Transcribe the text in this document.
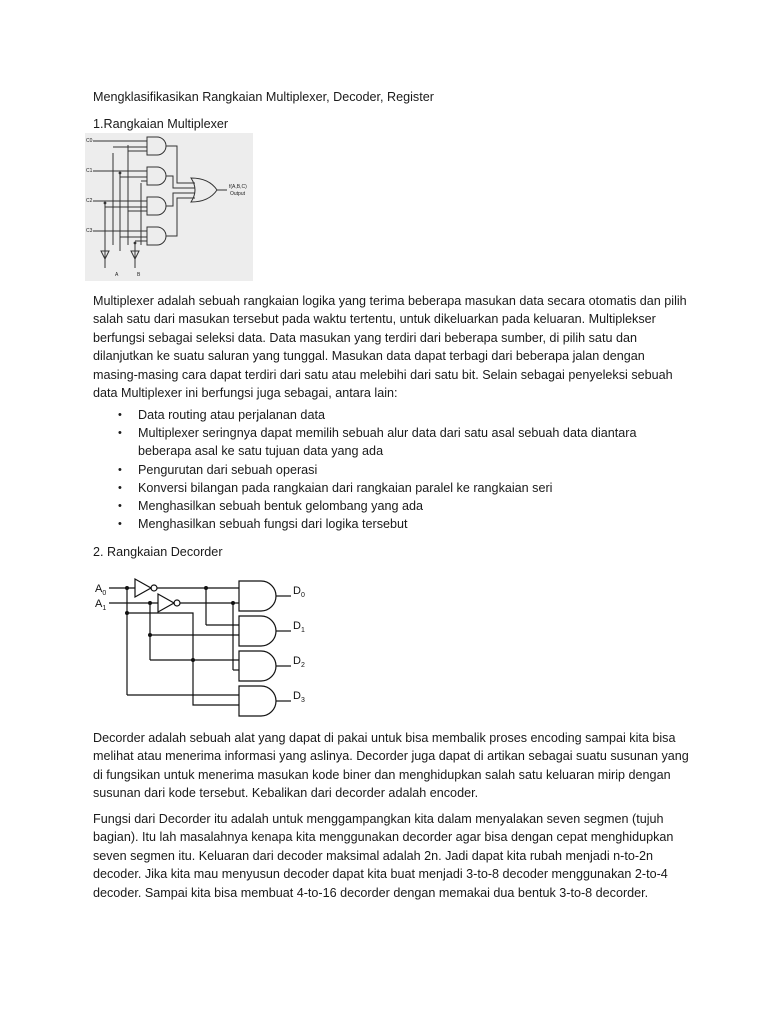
Mengklasifikasikan Rangkaian Multiplexer, Decoder, Register
1.Rangkaian Multiplexer
C0
C1
C2
C3
f(A,B,C)
Output
A	B
Multiplexer adalah sebuah rangkaian logika yang terima beberapa masukan data secara otomatis dan pilih salah satu dari masukan tersebut pada waktu tertentu, untuk dikeluarkan pada keluaran. Multiplekser berfungsi sebagai seleksi data. Data masukan yang terdiri dari beberapa sumber, di pilih satu dan dilanjutkan ke suatu saluran yang tunggal. Masukan data dapat terbagi dari beberapa jalan dengan masing-masing cara dapat terdiri dari satu atau melebihi dari satu bit. Selain sebagai penyeleksi sebuah data Multiplexer ini berfungsi juga sebagai, antara lain:
• Data routing atau perjalanan data
• Multiplexer seringnya dapat memilih sebuah alur data dari satu asal sebuah data diantara beberapa asal ke satu tujuan data yang ada
• Pengurutan dari sebuah operasi
• Konversi bilangan pada rangkaian dari rangkaian paralel ke rangkaian seri
• Menghasilkan sebuah bentuk gelombang yang ada
• Menghasilkan sebuah fungsi dari logika tersebut
2. Rangkaian Decorder
$A_0$
$A_1$
$D_0$
$D_1$
$D_2$
$D_3$
Decorder adalah sebuah alat yang dapat di pakai untuk bisa membalik proses encoding sampai kita bisa melihat atau menerima informasi yang aslinya. Decorder juga dapat di artikan sebagai suatu susunan yang di fungsikan untuk menerima masukan kode biner dan menghidupkan salah satu keluaran mirip dengan susunan dari kode tersebut. Kebalikan dari decorder adalah encoder.
Fungsi dari Decorder itu adalah untuk menggampangkan kita dalam menyalakan seven segmen (tujuh bagian). Itu lah masalahnya kenapa kita menggunakan decorder agar bisa dengan cepat menghidupkan seven segmen itu. Keluaran dari decoder maksimal adalah 2n. Jadi dapat kita rubah menjadi n-to-2n decoder. Jika kita mau menyusun decoder dapat kita buat menjadi 3-to-8 decoder menggunakan 2-to-4 decoder. Sampai kita bisa membuat 4-to-16 decorder dengan memakai dua bentuk 3-to-8 decorder.
